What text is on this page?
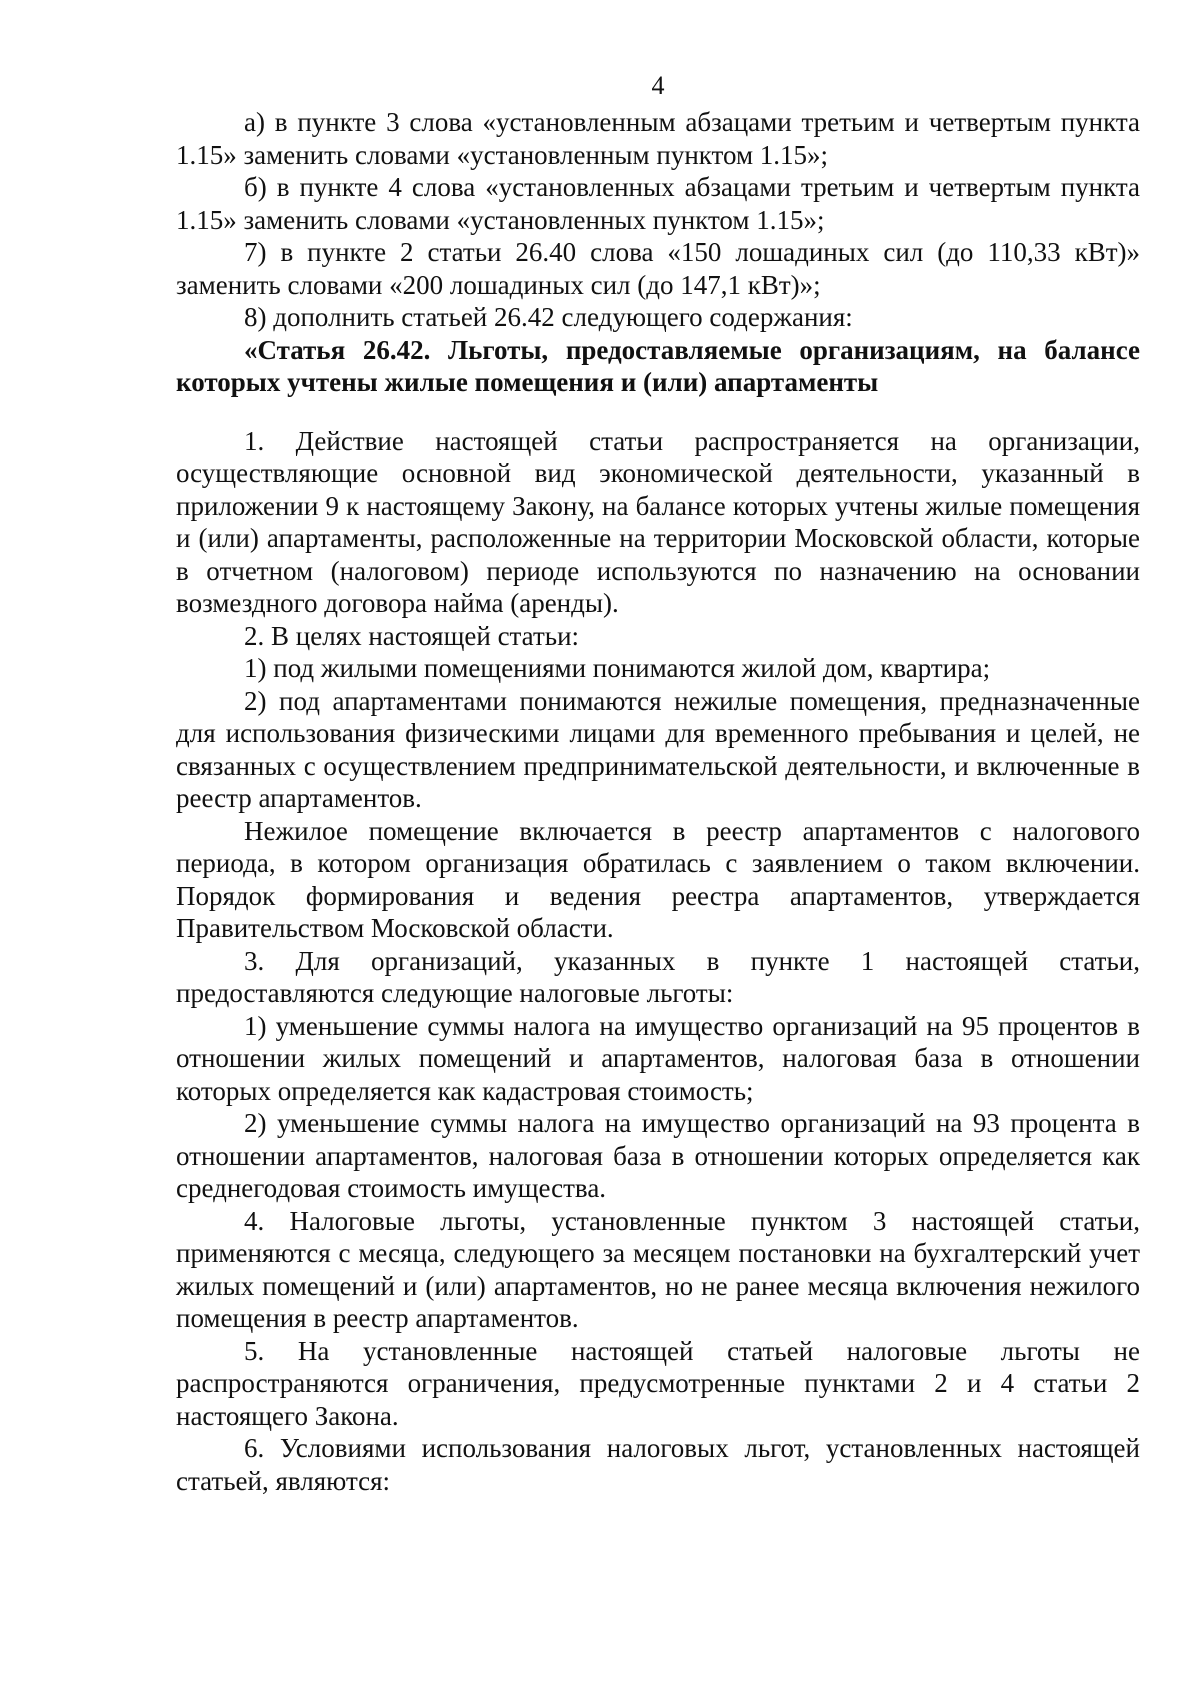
4

а) в пункте 3 слова «установленным абзацами третьим и четвертым пункта 1.15» заменить словами «установленным пунктом 1.15»;

б) в пункте 4 слова «установленных абзацами третьим и четвертым пункта 1.15» заменить словами «установленных пунктом 1.15»;

7) в пункте 2 статьи 26.40 слова «150 лошадиных сил (до 110,33 кВт)» заменить словами «200 лошадиных сил (до 147,1 кВт)»;

8) дополнить статьей 26.42 следующего содержания:

«Статья 26.42. Льготы, предоставляемые организациям, на балансе которых учтены жилые помещения и (или) апартаменты

1. Действие настоящей статьи распространяется на организации, осуществляющие основной вид экономической деятельности, указанный в приложении 9 к настоящему Закону, на балансе которых учтены жилые помещения и (или) апартаменты, расположенные на территории Московской области, которые в отчетном (налоговом) периоде используются по назначению на основании возмездного договора найма (аренды).

2. В целях настоящей статьи:

1) под жилыми помещениями понимаются жилой дом, квартира;

2) под апартаментами понимаются нежилые помещения, предназначенные для использования физическими лицами для временного пребывания и целей, не связанных с осуществлением предпринимательской деятельности, и включенные в реестр апартаментов.

Нежилое помещение включается в реестр апартаментов с налогового периода, в котором организация обратилась с заявлением о таком включении. Порядок формирования и ведения реестра апартаментов, утверждается Правительством Московской области.

3. Для организаций, указанных в пункте 1 настоящей статьи, предоставляются следующие налоговые льготы:

1) уменьшение суммы налога на имущество организаций на 95 процентов в отношении жилых помещений и апартаментов, налоговая база в отношении которых определяется как кадастровая стоимость;

2) уменьшение суммы налога на имущество организаций на 93 процента в отношении апартаментов, налоговая база в отношении которых определяется как среднегодовая стоимость имущества.

4. Налоговые льготы, установленные пунктом 3 настоящей статьи, применяются с месяца, следующего за месяцем постановки на бухгалтерский учет жилых помещений и (или) апартаментов, но не ранее месяца включения нежилого помещения в реестр апартаментов.

5. На установленные настоящей статьей налоговые льготы не распространяются ограничения, предусмотренные пунктами 2 и 4 статьи 2 настоящего Закона.

6. Условиями использования налоговых льгот, установленных настоящей статьей, являются:
